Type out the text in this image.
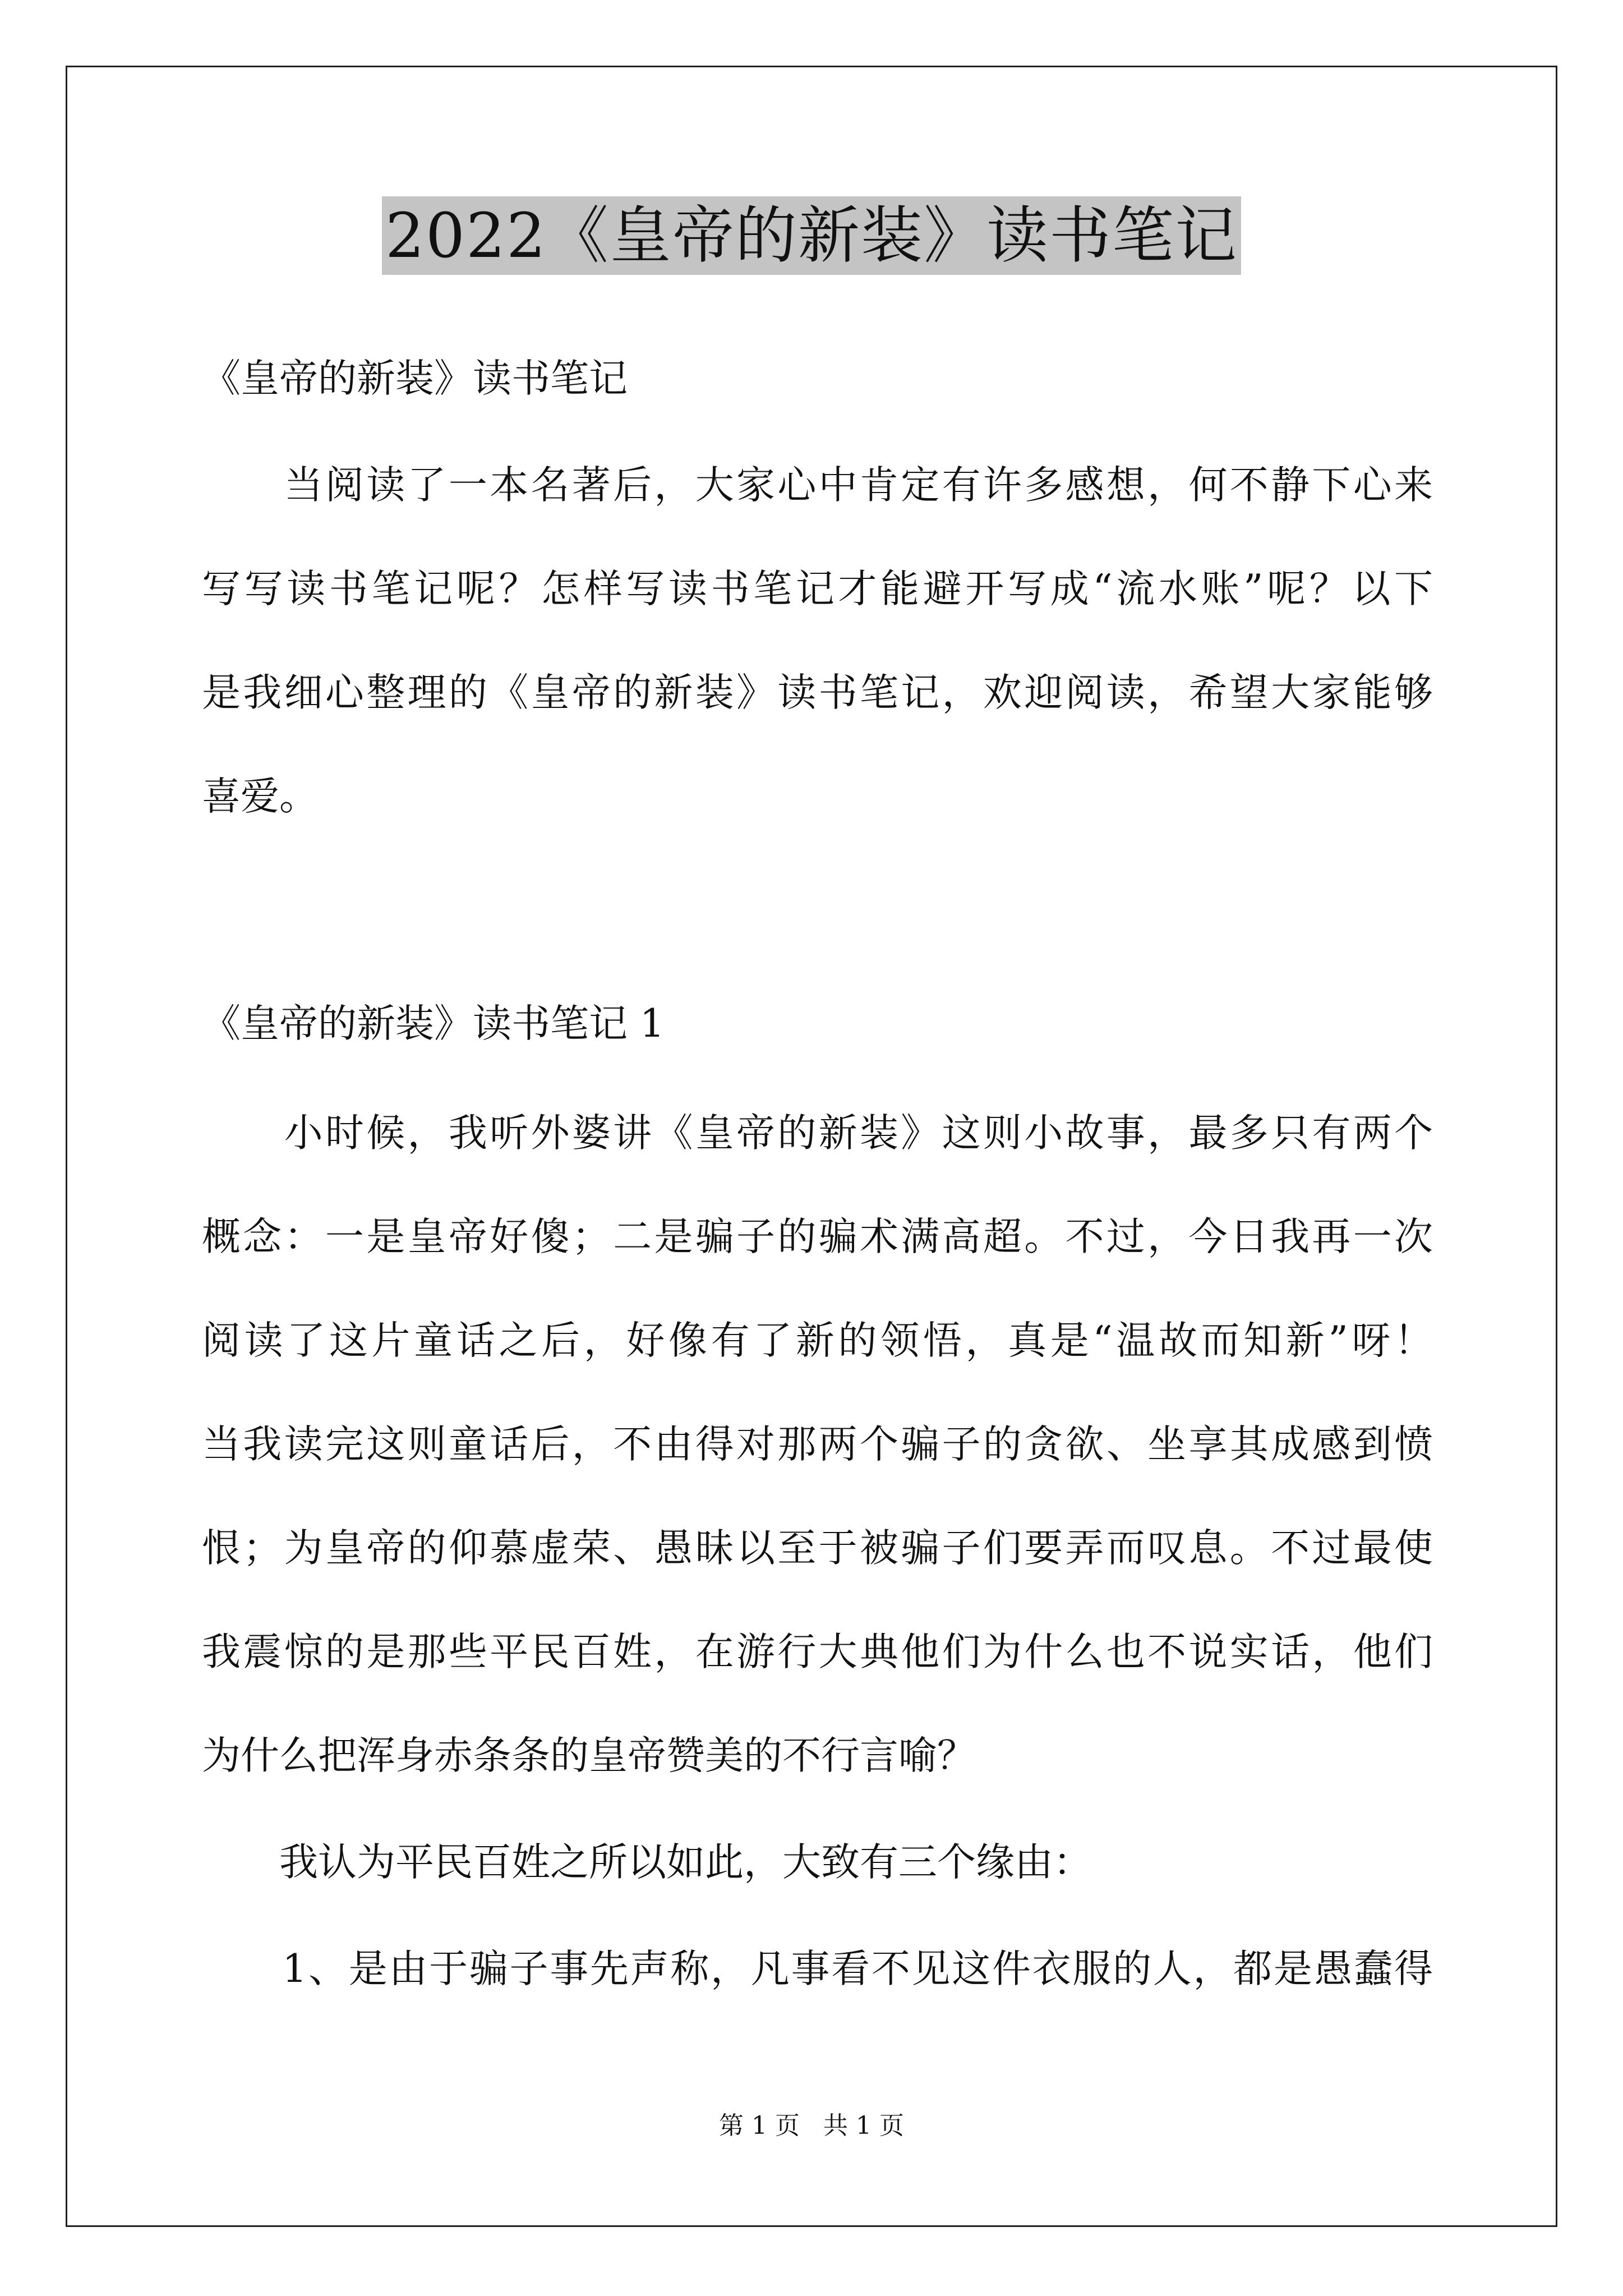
2022《皇帝的新装》读书笔记
《皇帝的新装》读书笔记
　　当阅读了一本名著后，大家心中肯定有许多感想，何不静下心来
写写读书笔记呢？怎样写读书笔记才能避开写成“流水账”呢？以下
是我细心整理的《皇帝的新装》读书笔记，欢迎阅读，希望大家能够
喜爱。
《皇帝的新装》读书笔记 1
　　小时候，我听外婆讲《皇帝的新装》这则小故事，最多只有两个
概念：一是皇帝好傻；二是骗子的骗术满高超。不过，今日我再一次
阅读了这片童话之后，好像有了新的领悟，真是“温故而知新”呀！
当我读完这则童话后，不由得对那两个骗子的贪欲、坐享其成感到愤
恨；为皇帝的仰慕虚荣、愚昧以至于被骗子们要弄而叹息。不过最使
我震惊的是那些平民百姓，在游行大典他们为什么也不说实话，他们
为什么把浑身赤条条的皇帝赞美的不行言喻？
　　我认为平民百姓之所以如此，大致有三个缘由：
　　1、是由于骗子事先声称，凡事看不见这件衣服的人，都是愚蠢得
第 1 页 共 1 页
